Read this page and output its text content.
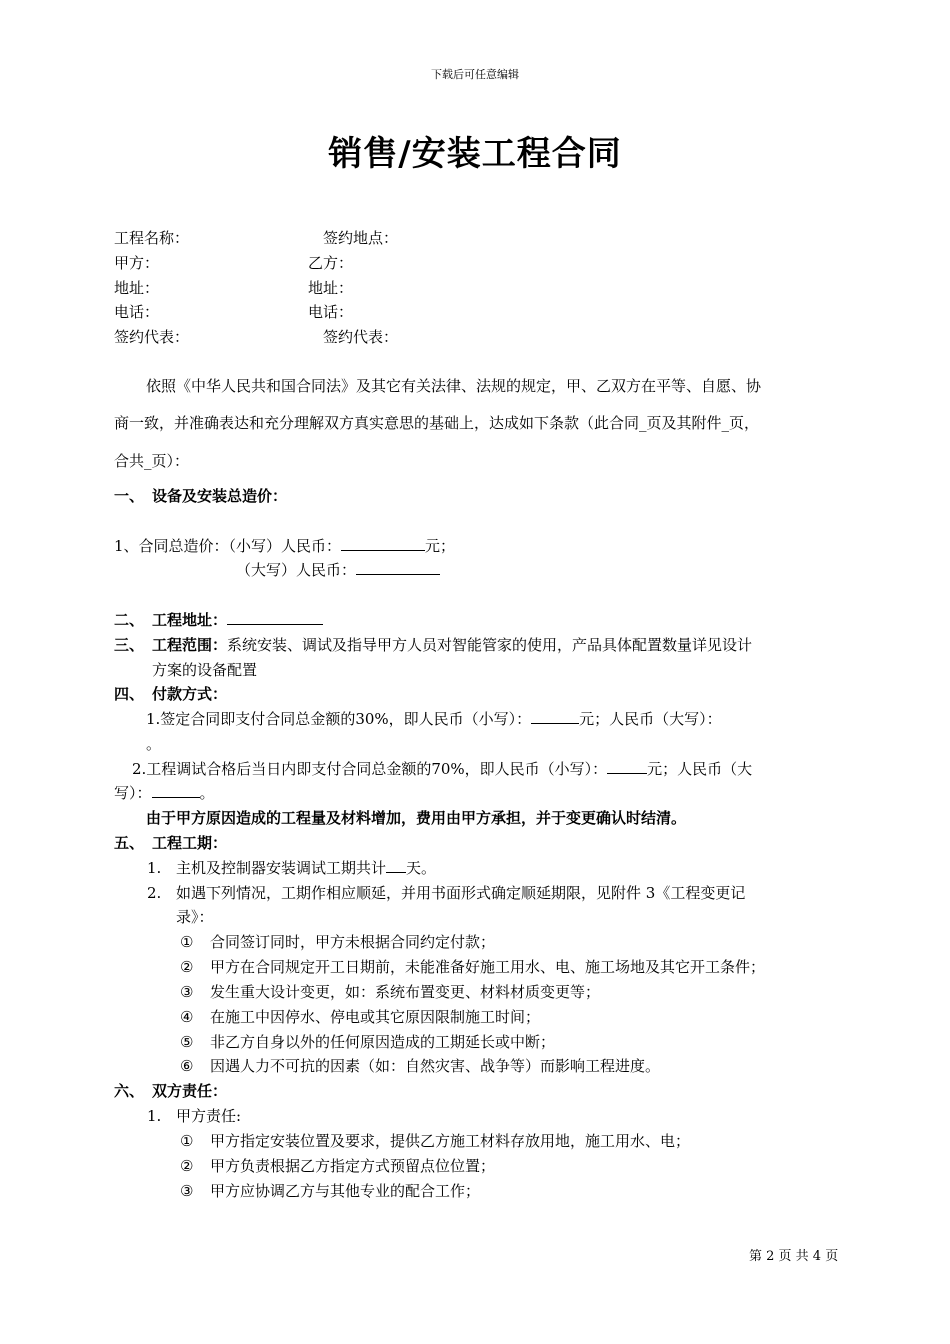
下载后可任意编辑
销售/安装工程合同
工程名称：	签约地点：
甲方：	乙方：
地址：	地址：
电话：	电话：
签约代表：	签约代表：
依照《中华人民共和国合同法》及其它有关法律、法规的规定，甲、乙双方在平等、自愿、协
商一致，并准确表达和充分理解双方真实意思的基础上，达成如下条款（此合同_页及其附件_页，
合共_页）：
一、 设备及安装总造价：
1、合同总造价：（小写）人民币：	元；
（大写）人民币：
二、 工程地址：
三、 工程范围：系统安装、调试及指导甲方人员对智能管家的使用，产品具体配置数量详见设计
方案的设备配置
四、 付款方式：
1.签定合同即支付合同总金额的30%，即人民币（小写）：	元；人民币（大写）：
。
2.工程调试合格后当日内即支付合同总金额的70%，即人民币（小写）：	元；人民币（大
写）：	。
由于甲方原因造成的工程量及材料增加，费用由甲方承担，并于变更确认时结清。
五、 工程工期：
1. 主机及控制器安装调试工期共计 天。
2. 如遇下列情况，工期作相应顺延，并用书面形式确定顺延期限，见附件 3《工程变更记
录》：
① 合同签订同时，甲方未根据合同约定付款；
② 甲方在合同规定开工日期前，未能准备好施工用水、电、施工场地及其它开工条件；
③ 发生重大设计变更，如：系统布置变更、材料材质变更等；
④ 在施工中因停水、停电或其它原因限制施工时间；
⑤ 非乙方自身以外的任何原因造成的工期延长或中断；
⑥ 因遇人力不可抗的因素（如：自然灾害、战争等）而影响工程进度。
六、 双方责任：
1. 甲方责任:
① 甲方指定安装位置及要求，提供乙方施工材料存放用地，施工用水、电；
② 甲方负责根据乙方指定方式预留点位位置；
③ 甲方应协调乙方与其他专业的配合工作；
第 2 页 共 4 页
